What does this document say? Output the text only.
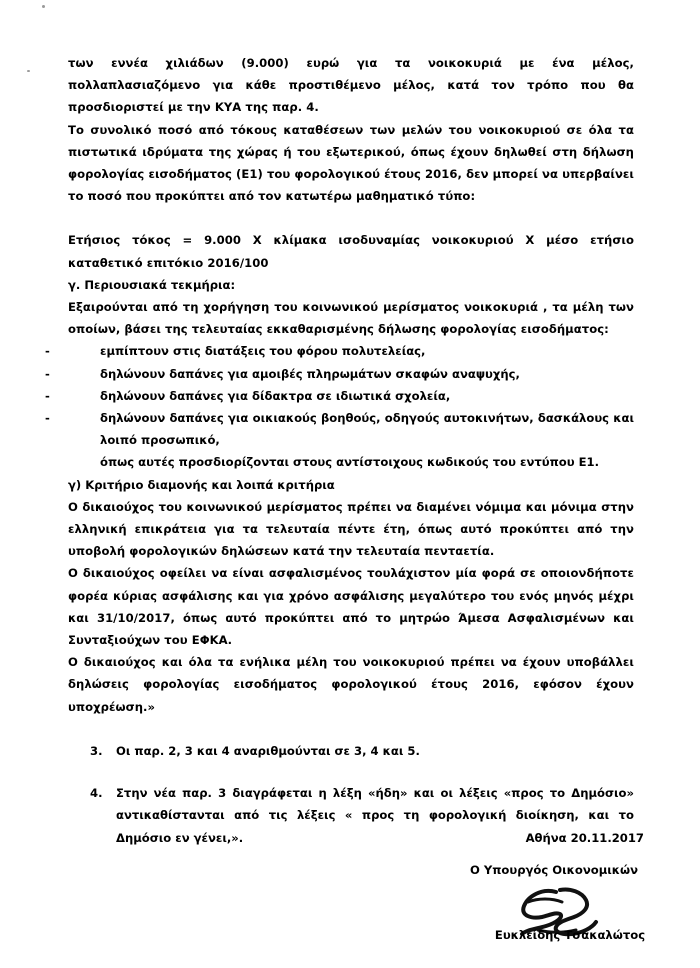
των εννέα χιλιάδων (9.000) ευρώ για τα νοικοκυριά με ένα μέλος, πολλαπλασιαζόμενο για κάθε προστιθέμενο μέλος, κατά τον τρόπο που θα προσδιοριστεί με την ΚΥΑ της παρ. 4.
Το συνολικό ποσό από τόκους καταθέσεων των μελών του νοικοκυριού σε όλα τα πιστωτικά ιδρύματα της χώρας ή του εξωτερικού, όπως έχουν δηλωθεί στη δήλωση φορολογίας εισοδήματος (Ε1) του φορολογικού έτους 2016, δεν μπορεί να υπερβαίνει το ποσό που προκύπτει από τον κατωτέρω μαθηματικό τύπο:
Ετήσιος τόκος = 9.000 Χ κλίμακα ισοδυναμίας νοικοκυριού Χ μέσο ετήσιο καταθετικό επιτόκιο 2016/100
γ. Περιουσιακά τεκμήρια:
Εξαιρούνται από τη χορήγηση του κοινωνικού μερίσματος νοικοκυριά , τα μέλη των οποίων, βάσει της τελευταίας εκκαθαρισμένης δήλωσης φορολογίας εισοδήματος:
-	εμπίπτουν στις διατάξεις του φόρου πολυτελείας,
-	δηλώνουν δαπάνες για αμοιβές πληρωμάτων σκαφών αναψυχής,
-	δηλώνουν δαπάνες για δίδακτρα σε ιδιωτικά σχολεία,
-	δηλώνουν δαπάνες για οικιακούς βοηθούς, οδηγούς αυτοκινήτων, δασκάλους και λοιπό προσωπικό,
όπως αυτές προσδιορίζονται στους αντίστοιχους κωδικούς του εντύπου Ε1.
γ) Κριτήριο διαμονής και λοιπά κριτήρια
Ο δικαιούχος του κοινωνικού μερίσματος πρέπει να διαμένει νόμιμα και μόνιμα στην ελληνική επικράτεια για τα τελευταία πέντε έτη, όπως αυτό προκύπτει από την υποβολή φορολογικών δηλώσεων κατά την τελευταία πενταετία.
Ο δικαιούχος οφείλει να είναι ασφαλισμένος τουλάχιστον μία φορά σε οποιονδήποτε φορέα κύριας ασφάλισης και για χρόνο ασφάλισης μεγαλύτερο του ενός μηνός μέχρι και 31/10/2017, όπως αυτό προκύπτει από το μητρώο Άμεσα Ασφαλισμένων και Συνταξιούχων του ΕΦΚΑ.
Ο δικαιούχος και όλα τα ενήλικα μέλη του νοικοκυριού πρέπει να έχουν υποβάλλει δηλώσεις φορολογίας εισοδήματος φορολογικού έτους 2016, εφόσον έχουν υποχρέωση.»
3. Οι παρ. 2, 3 και 4 αναριθμούνται σε 3, 4 και 5.
4. Στην νέα παρ. 3 διαγράφεται η λέξη «ήδη» και οι λέξεις «προς το Δημόσιο» αντικαθίστανται από τις λέξεις « προς τη φορολογική διοίκηση, και το Δημόσιο εν γένει,».	Αθήνα 20.11.2017
Ο Υπουργός Οικονομικών
Ευκλείδης Τσακαλώτος
